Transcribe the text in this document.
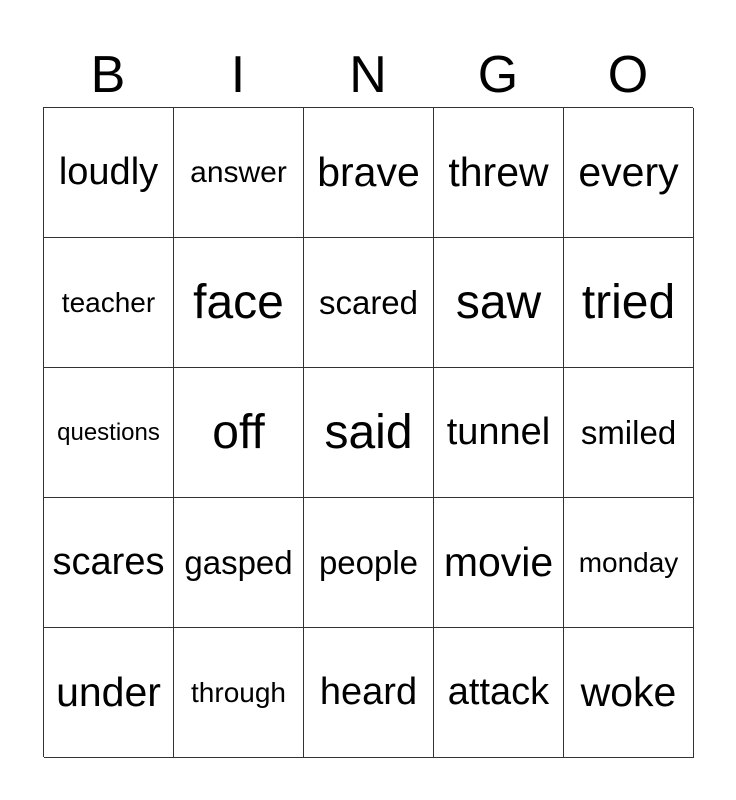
B	I	N	G	O
loudly	answer brave threw every
teacher face	scared saw tried
questions	off	said tunnel smiled
scares gasped people movie monday
under	through heard attack woke
